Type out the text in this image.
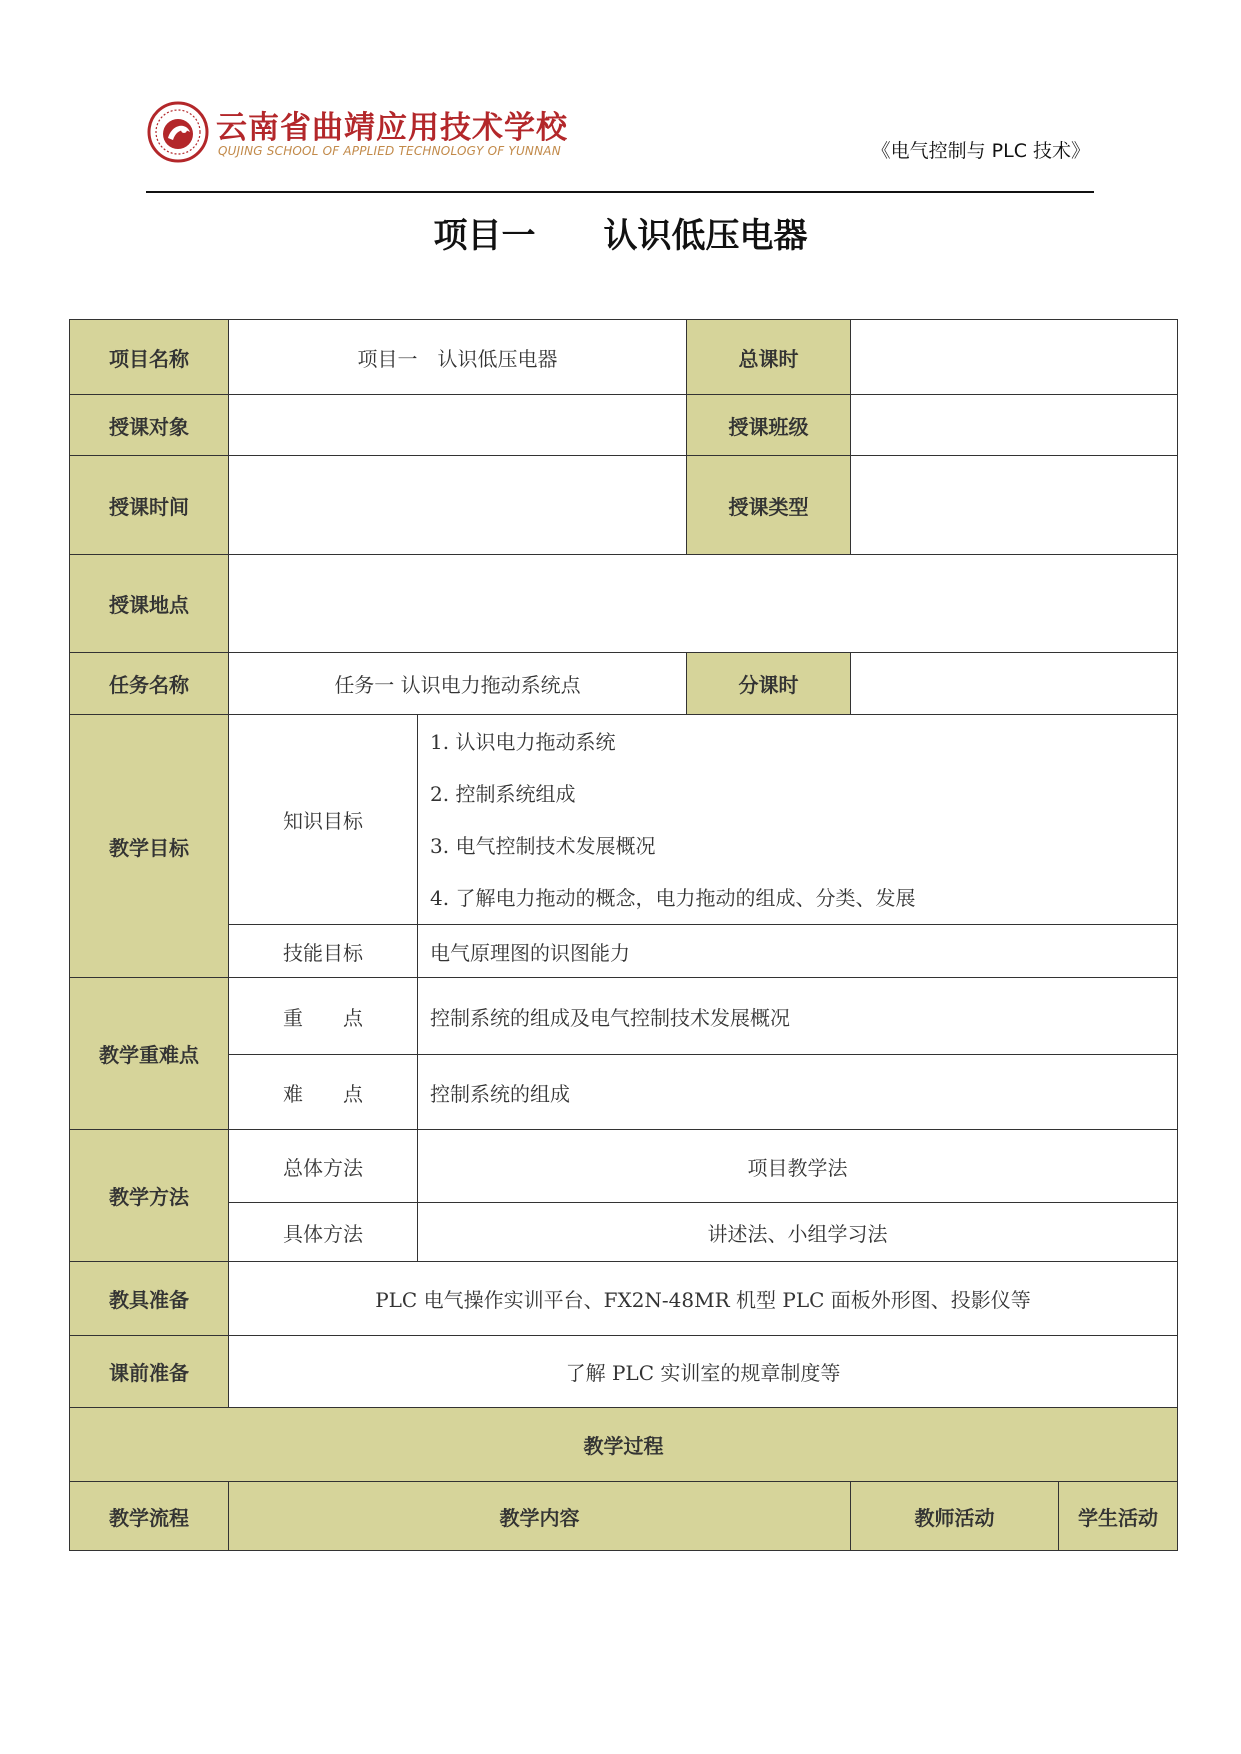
云南省曲靖应用技术学校
QUJING SCHOOL OF APPLIED TECHNOLOGY OF YUNNAN	《电气控制与 PLC 技术》
项目一　　认识低压电器
项目名称	项目一　认识低压电器		总课时		
授课对象			授课班级		
授课时间			授课类型		
授课地点					
任务名称	任务一 认识电力拖动系统点		分课时		
教学目标	知识目标	1. 认识电力拖动系统
2. 控制系统组成
3. 电气控制技术发展概况
4. 了解电力拖动的概念，电力拖动的组成、分类、发展			

	技能目标	电气原理图的识图能力			
教学重难点	重　　点	控制系统的组成及电气控制技术发展概况			
	难　　点	控制系统的组成			
教学方法	总体方法	项目教学法			
	具体方法	讲述法、小组学习法			
教具准备	PLC 电气操作实训平台、FX2N-48MR 机型 PLC 面板外形图、投影仪等				
课前准备	了解 PLC 实训室的规章制度等				
教学过程					
教学流程	教学内容			教师活动	学生活动
